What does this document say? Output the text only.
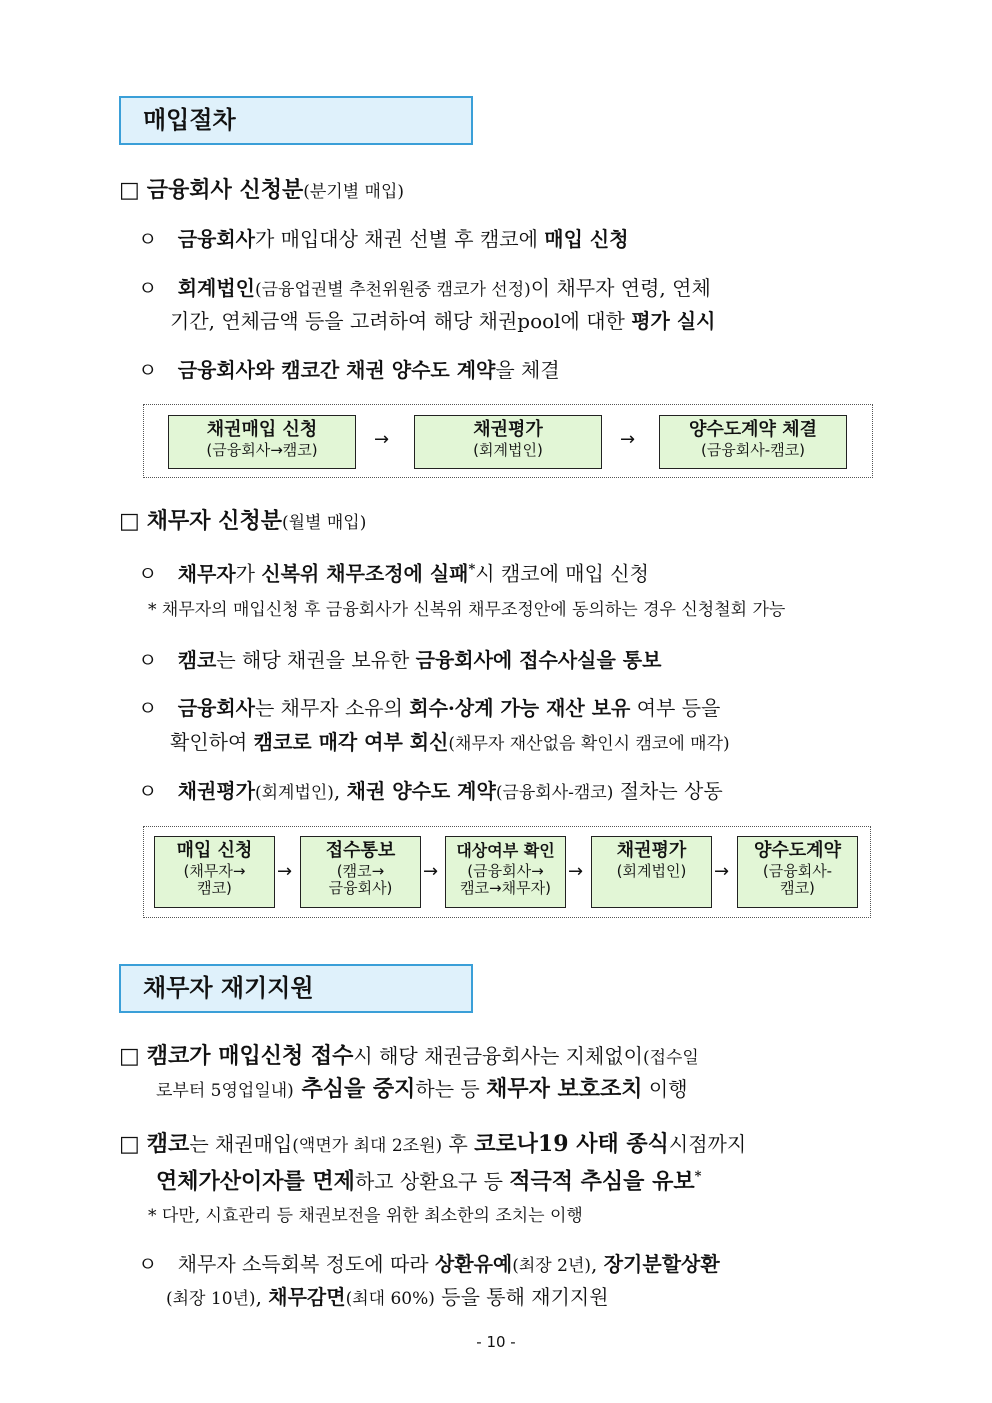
매입절차
□ 금융회사 신청분(분기별 매입)
ㅇ 금융회사가 매입대상 채권 선별 후 캠코에 매입 신청
ㅇ 회계법인(금융업권별 추천위원중 캠코가 선정)이 채무자 연령, 연체
기간, 연체금액 등을 고려하여 해당 채권pool에 대한 평가 실시
ㅇ 금융회사와 캠코간 채권 양수도 계약을 체결
채권매입 신청
(금융회사→캠코)	→	채권평가
(회계법인)	→	양수도계약 체결
(금융회사-캠코)
□ 채무자 신청분(월별 매입)
ㅇ 채무자가 신복위 채무조정에 실패*시 캠코에 매입 신청
* 채무자의 매입신청 후 금융회사가 신복위 채무조정안에 동의하는 경우 신청철회 가능
ㅇ 캠코는 해당 채권을 보유한 금융회사에 접수사실을 통보
ㅇ 금융회사는 채무자 소유의 회수·상계 가능 재산 보유 여부 등을
확인하여 캠코로 매각 여부 회신(채무자 재산없음 확인시 캠코에 매각)
ㅇ 채권평가(회계법인), 채권 양수도 계약(금융회사-캠코) 절차는 상동
매입 신청
(채무자→
캠코)
→
접수통보
(캠코→
금융회사)
→
대상여부 확인
(금융회사→
캠코→채무자)
→
채권평가
(회계법인)	→
양수도계약
(금융회사-
캠코)
채무자 재기지원
□ 캠코가 매입신청 접수시 해당 채권금융회사는 지체없이(접수일
로부터 5영업일내) 추심을 중지하는 등 채무자 보호조치 이행
□ 캠코는 채권매입(액면가 최대 2조원) 후 코로나19 사태 종식시점까지
연체가산이자를 면제하고 상환요구 등 적극적 추심을 유보*
* 다만, 시효관리 등 채권보전을 위한 최소한의 조치는 이행
ㅇ 채무자 소득회복 정도에 따라 상환유예(최장 2년), 장기분할상환
(최장 10년), 채무감면(최대 60%) 등을 통해 재기지원
- 10 -
